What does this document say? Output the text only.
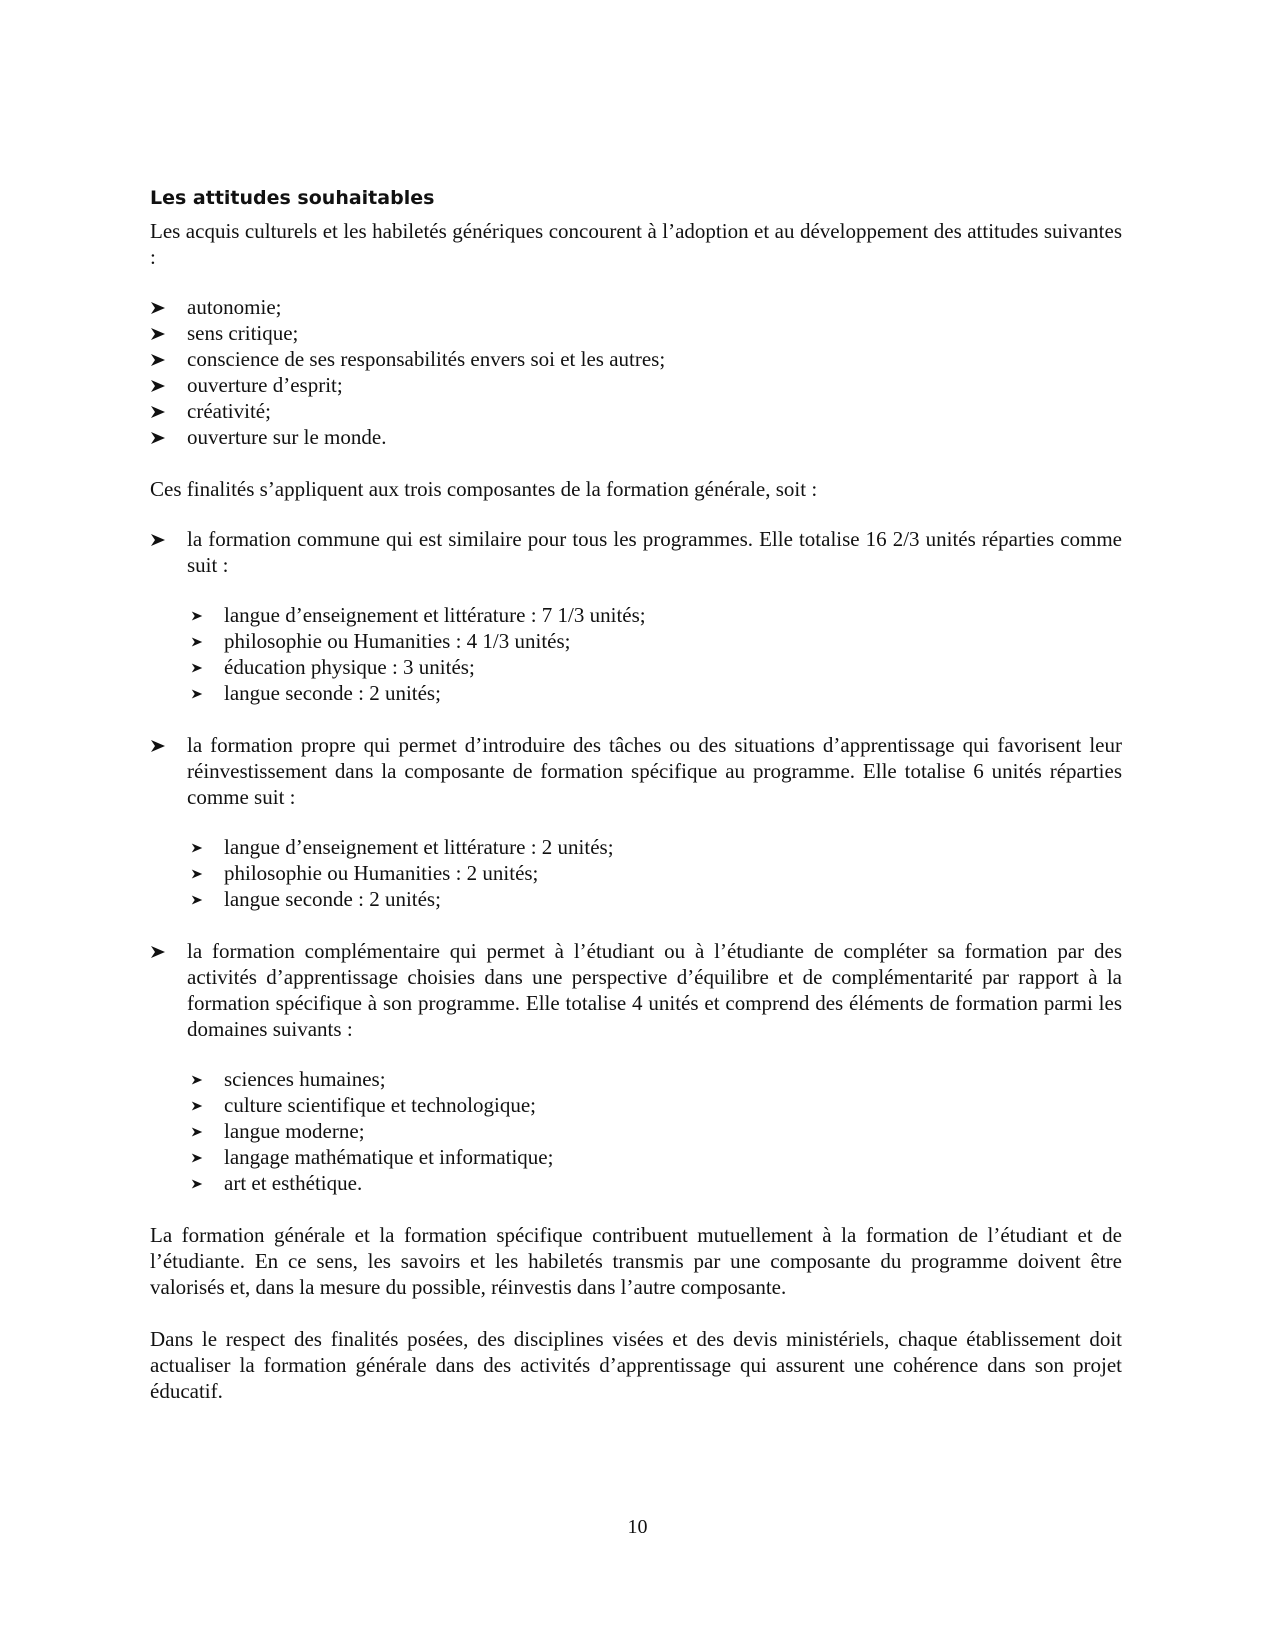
Les attitudes souhaitables

Les acquis culturels et les habiletés génériques concourent à l’adoption et au développement des attitudes suivantes :

autonomie;
sens critique;
conscience de ses responsabilités envers soi et les autres;
ouverture d’esprit;
créativité;
ouverture sur le monde.

Ces finalités s’appliquent aux trois composantes de la formation générale, soit :

la formation commune qui est similaire pour tous les programmes. Elle totalise 16 2/3 unités réparties comme suit :
langue d’enseignement et littérature : 7 1/3 unités;
philosophie ou Humanities : 4 1/3 unités;
éducation physique : 3 unités;
langue seconde : 2 unités;
la formation propre qui permet d’introduire des tâches ou des situations d’apprentissage qui favorisent leur réinvestissement dans la composante de formation spécifique au programme. Elle totalise 6 unités réparties comme suit :
langue d’enseignement et littérature : 2 unités;
philosophie ou Humanities : 2 unités;
langue seconde : 2 unités;
la formation complémentaire qui permet à l’étudiant ou à l’étudiante de compléter sa formation par des activités d’apprentissage choisies dans une perspective d’équilibre et de complémentarité par rapport à la formation spécifique à son programme. Elle totalise 4 unités et comprend des éléments de formation parmi les domaines suivants :
sciences humaines;
culture scientifique et technologique;
langue moderne;
langage mathématique et informatique;
art et esthétique.

La formation générale et la formation spécifique contribuent mutuellement à la formation de l’étudiant et de l’étudiante. En ce sens, les savoirs et les habiletés transmis par une composante du programme doivent être valorisés et, dans la mesure du possible, réinvestis dans l’autre composante.

Dans le respect des finalités posées, des disciplines visées et des devis ministériels, chaque établissement doit actualiser la formation générale dans des activités d’apprentissage qui assurent une cohérence dans son projet éducatif.

10
